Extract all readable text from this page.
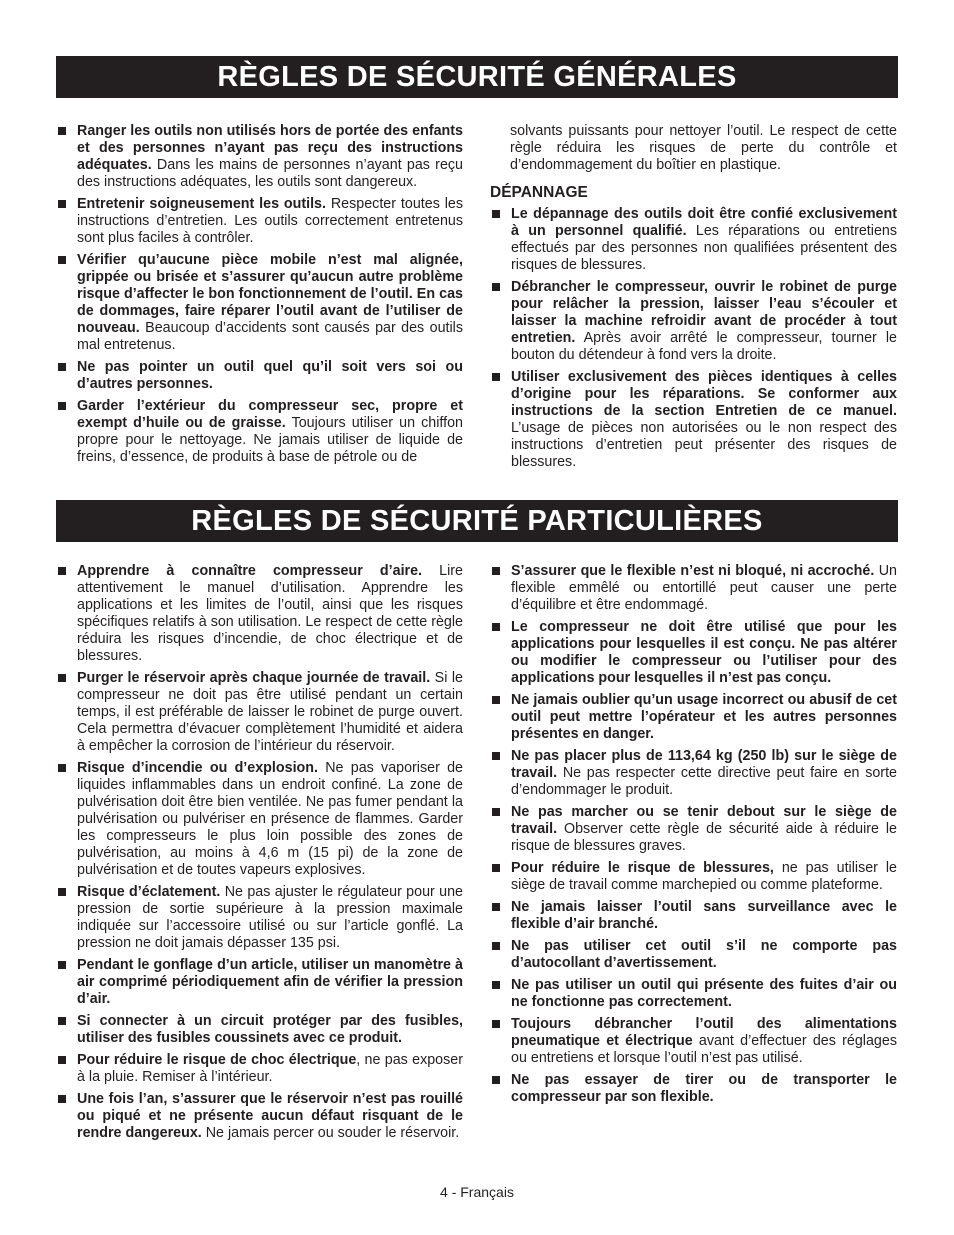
RÈGLES DE SÉCURITÉ GÉNÉRALES
Ranger les outils non utilisés hors de portée des enfants et des personnes n’ayant pas reçu des instructions adéquates. Dans les mains de personnes n’ayant pas reçu des instructions adéquates, les outils sont dangereux.
Entretenir soigneusement les outils. Respecter toutes les instructions d’entretien. Les outils correctement entretenus sont plus faciles à contrôler.
Vérifier qu’aucune pièce mobile n’est mal alignée, grippée ou brisée et s’assurer qu’aucun autre problème risque d’affecter le bon fonctionnement de l’outil. En cas de dommages, faire réparer l’outil avant de l’utiliser de nouveau. Beaucoup d’accidents sont causés par des outils mal entretenus.
Ne pas pointer un outil quel qu’il soit vers soi ou d’autres personnes.
Garder l’extérieur du compresseur sec, propre et exempt d’huile ou de graisse. Toujours utiliser un chiffon propre pour le nettoyage. Ne jamais utiliser de liquide de freins, d’essence, de produits à base de pétrole ou de
solvants puissants pour nettoyer l’outil. Le respect de cette règle réduira les risques de perte du contrôle et d’endommagement du boîtier en plastique.
DÉPANNAGE
Le dépannage des outils doit être confié exclusivement à un personnel qualifié. Les réparations ou entretiens effectués par des personnes non qualifiées présentent des risques de blessures.
Débrancher le compresseur, ouvrir le robinet de purge pour relâcher la pression, laisser l’eau s’écouler et laisser la machine refroidir avant de procéder à tout entretien. Après avoir arrêté le compresseur, tourner le bouton du détendeur à fond vers la droite.
Utiliser exclusivement des pièces identiques à celles d’origine pour les réparations. Se conformer aux instructions de la section Entretien de ce manuel. L’usage de pièces non autorisées ou le non respect des instructions d’entretien peut présenter des risques de blessures.
RÈGLES DE SÉCURITÉ PARTICULIÈRES
Apprendre à connaître compresseur d’aire. Lire attentivement le manuel d’utilisation. Apprendre les applications et les limites de l’outil, ainsi que les risques spécifiques relatifs à son utilisation. Le respect de cette règle réduira les risques d’incendie, de choc électrique et de blessures.
Purger le réservoir après chaque journée de travail. Si le compresseur ne doit pas être utilisé pendant un certain temps, il est préférable de laisser le robinet de purge ouvert. Cela permettra d’évacuer complètement l’humidité et aidera à empêcher la corrosion de l’intérieur du réservoir.
Risque d’incendie ou d’explosion. Ne pas vaporiser de liquides inflammables dans un endroit confiné. La zone de pulvérisation doit être bien ventilée. Ne pas fumer pendant la pulvérisation ou pulvériser en présence de flammes. Garder les compresseurs le plus loin possible des zones de pulvérisation, au moins à 4,6 m (15 pi) de la zone de pulvérisation et de toutes vapeurs explosives.
Risque d’éclatement. Ne pas ajuster le régulateur pour une pression de sortie supérieure à la pression maximale indiquée sur l’accessoire utilisé ou sur l’article gonflé. La pression ne doit jamais dépasser 135 psi.
Pendant le gonflage d’un article, utiliser un manomètre à air comprimé périodiquement afin de vérifier la pression d’air.
Si connecter à un circuit protéger par des fusibles, utiliser des fusibles coussinets avec ce produit.
Pour réduire le risque de choc électrique, ne pas exposer à la pluie. Remiser à l’intérieur.
Une fois l’an, s’assurer que le réservoir n’est pas rouillé ou piqué et ne présente aucun défaut risquant de le rendre dangereux. Ne jamais percer ou souder le réservoir.
S’assurer que le flexible n’est ni bloqué, ni accroché. Un flexible emmêlé ou entortillé peut causer une perte d’équilibre et être endommagé.
Le compresseur ne doit être utilisé que pour les applications pour lesquelles il est conçu. Ne pas altérer ou modifier le compresseur ou l’utiliser pour des applications pour lesquelles il n’est pas conçu.
Ne jamais oublier qu’un usage incorrect ou abusif de cet outil peut mettre l’opérateur et les autres personnes présentes en danger.
Ne pas placer plus de 113,64 kg (250 lb) sur le siège de travail. Ne pas respecter cette directive peut faire en sorte d’endommager le produit.
Ne pas marcher ou se tenir debout sur le siège de travail. Observer cette règle de sécurité aide à réduire le risque de blessures graves.
Pour réduire le risque de blessures, ne pas utiliser le siège de travail comme marchepied ou comme plateforme.
Ne jamais laisser l’outil sans surveillance avec le flexible d’air branché.
Ne pas utiliser cet outil s’il ne comporte pas d’autocollant d’avertissement.
Ne pas utiliser un outil qui présente des fuites d’air ou ne fonctionne pas correctement.
Toujours débrancher l’outil des alimentations pneumatique et électrique avant d’effectuer des réglages ou entretiens et lorsque l’outil n’est pas utilisé.
Ne pas essayer de tirer ou de transporter le compresseur par son flexible.
4 - Français
